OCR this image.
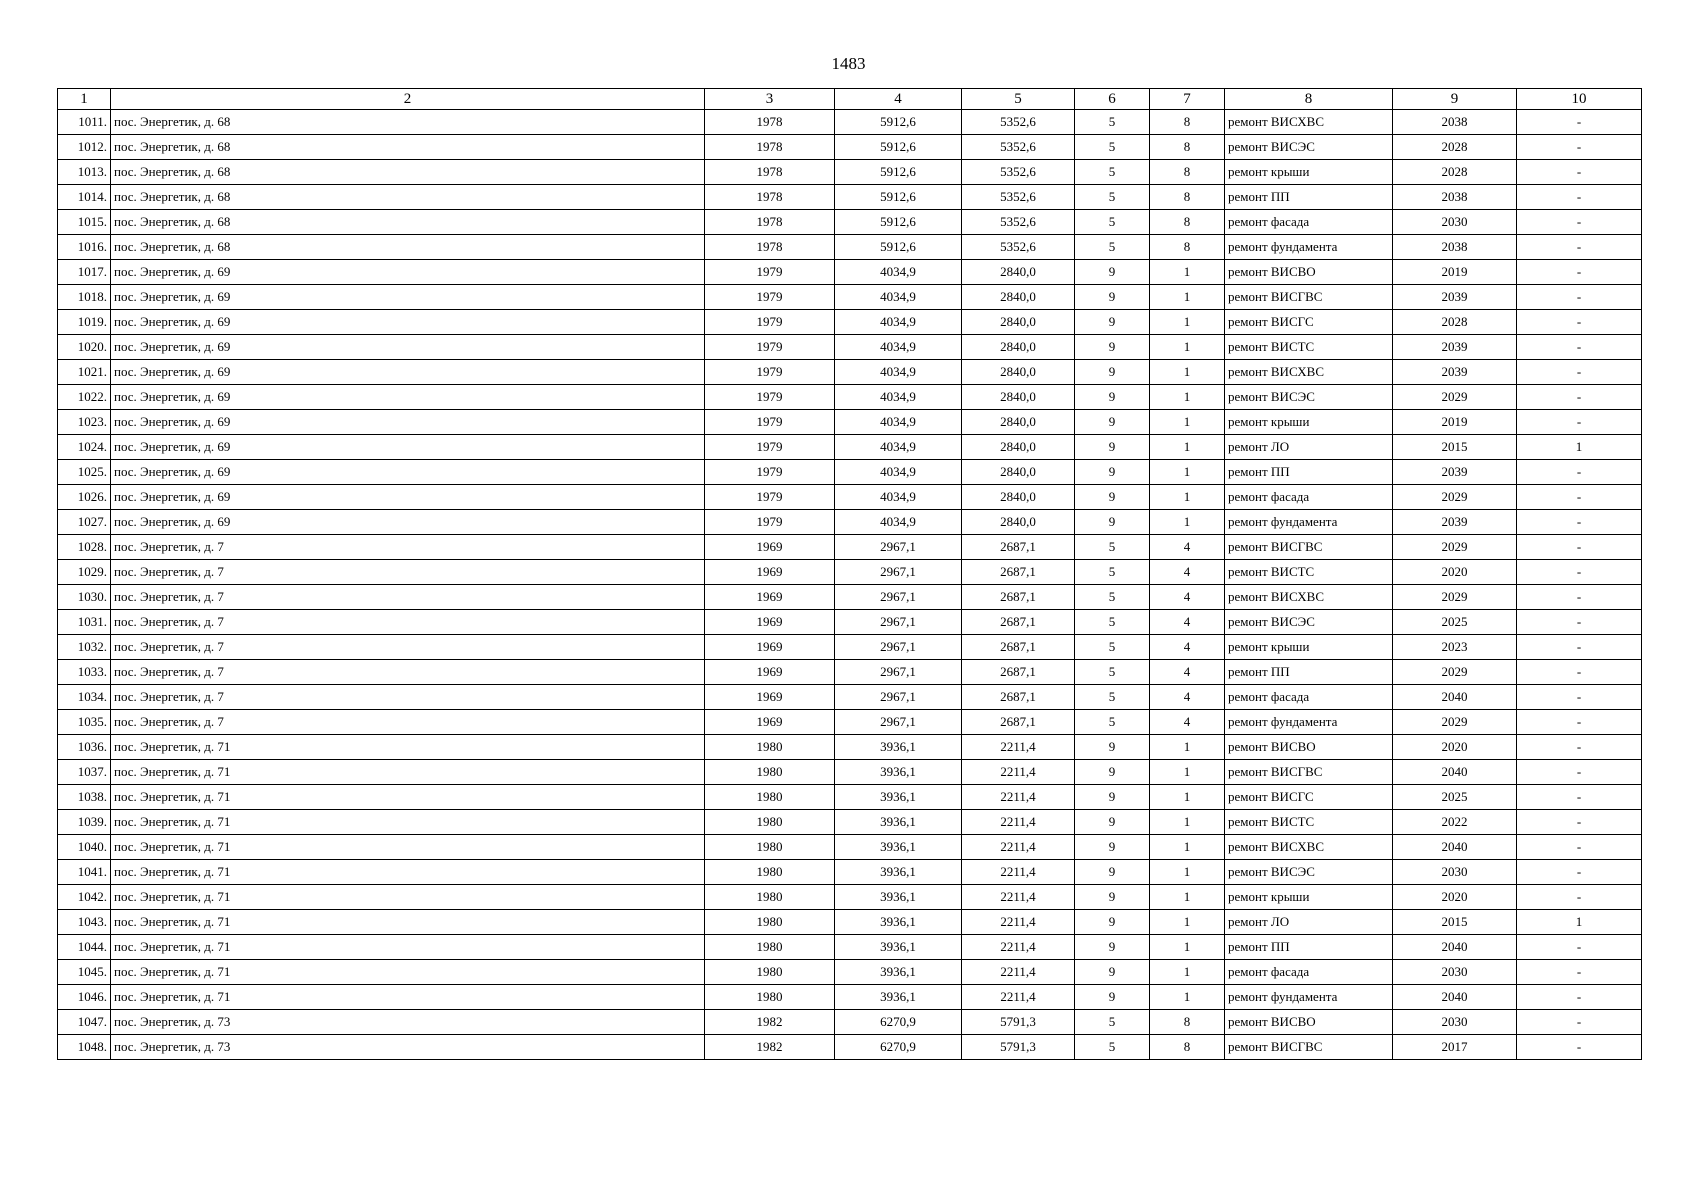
1483
1	2	3	4	5	6	7	8	9	10
1011.	пос. Энергетик, д. 68	1978	5912,6	5352,6	5	8	ремонт ВИСХВС	2038	-
1012.	пос. Энергетик, д. 68	1978	5912,6	5352,6	5	8	ремонт ВИСЭС	2028	-
1013.	пос. Энергетик, д. 68	1978	5912,6	5352,6	5	8	ремонт крыши	2028	-
1014.	пос. Энергетик, д. 68	1978	5912,6	5352,6	5	8	ремонт ПП	2038	-
1015.	пос. Энергетик, д. 68	1978	5912,6	5352,6	5	8	ремонт фасада	2030	-
1016.	пос. Энергетик, д. 68	1978	5912,6	5352,6	5	8	ремонт фундамента	2038	-
1017.	пос. Энергетик, д. 69	1979	4034,9	2840,0	9	1	ремонт ВИСВО	2019	-
1018.	пос. Энергетик, д. 69	1979	4034,9	2840,0	9	1	ремонт ВИСГВС	2039	-
1019.	пос. Энергетик, д. 69	1979	4034,9	2840,0	9	1	ремонт ВИСГС	2028	-
1020.	пос. Энергетик, д. 69	1979	4034,9	2840,0	9	1	ремонт ВИСТС	2039	-
1021.	пос. Энергетик, д. 69	1979	4034,9	2840,0	9	1	ремонт ВИСХВС	2039	-
1022.	пос. Энергетик, д. 69	1979	4034,9	2840,0	9	1	ремонт ВИСЭС	2029	-
1023.	пос. Энергетик, д. 69	1979	4034,9	2840,0	9	1	ремонт крыши	2019	-
1024.	пос. Энергетик, д. 69	1979	4034,9	2840,0	9	1	ремонт ЛО	2015	1
1025.	пос. Энергетик, д. 69	1979	4034,9	2840,0	9	1	ремонт ПП	2039	-
1026.	пос. Энергетик, д. 69	1979	4034,9	2840,0	9	1	ремонт фасада	2029	-
1027.	пос. Энергетик, д. 69	1979	4034,9	2840,0	9	1	ремонт фундамента	2039	-
1028.	пос. Энергетик, д. 7	1969	2967,1	2687,1	5	4	ремонт ВИСГВС	2029	-
1029.	пос. Энергетик, д. 7	1969	2967,1	2687,1	5	4	ремонт ВИСТС	2020	-
1030.	пос. Энергетик, д. 7	1969	2967,1	2687,1	5	4	ремонт ВИСХВС	2029	-
1031.	пос. Энергетик, д. 7	1969	2967,1	2687,1	5	4	ремонт ВИСЭС	2025	-
1032.	пос. Энергетик, д. 7	1969	2967,1	2687,1	5	4	ремонт крыши	2023	-
1033.	пос. Энергетик, д. 7	1969	2967,1	2687,1	5	4	ремонт ПП	2029	-
1034.	пос. Энергетик, д. 7	1969	2967,1	2687,1	5	4	ремонт фасада	2040	-
1035.	пос. Энергетик, д. 7	1969	2967,1	2687,1	5	4	ремонт фундамента	2029	-
1036.	пос. Энергетик, д. 71	1980	3936,1	2211,4	9	1	ремонт ВИСВО	2020	-
1037.	пос. Энергетик, д. 71	1980	3936,1	2211,4	9	1	ремонт ВИСГВС	2040	-
1038.	пос. Энергетик, д. 71	1980	3936,1	2211,4	9	1	ремонт ВИСГС	2025	-
1039.	пос. Энергетик, д. 71	1980	3936,1	2211,4	9	1	ремонт ВИСТС	2022	-
1040.	пос. Энергетик, д. 71	1980	3936,1	2211,4	9	1	ремонт ВИСХВС	2040	-
1041.	пос. Энергетик, д. 71	1980	3936,1	2211,4	9	1	ремонт ВИСЭС	2030	-
1042.	пос. Энергетик, д. 71	1980	3936,1	2211,4	9	1	ремонт крыши	2020	-
1043.	пос. Энергетик, д. 71	1980	3936,1	2211,4	9	1	ремонт ЛО	2015	1
1044.	пос. Энергетик, д. 71	1980	3936,1	2211,4	9	1	ремонт ПП	2040	-
1045.	пос. Энергетик, д. 71	1980	3936,1	2211,4	9	1	ремонт фасада	2030	-
1046.	пос. Энергетик, д. 71	1980	3936,1	2211,4	9	1	ремонт фундамента	2040	-
1047.	пос. Энергетик, д. 73	1982	6270,9	5791,3	5	8	ремонт ВИСВО	2030	-
1048.	пос. Энергетик, д. 73	1982	6270,9	5791,3	5	8	ремонт ВИСГВС	2017	-
